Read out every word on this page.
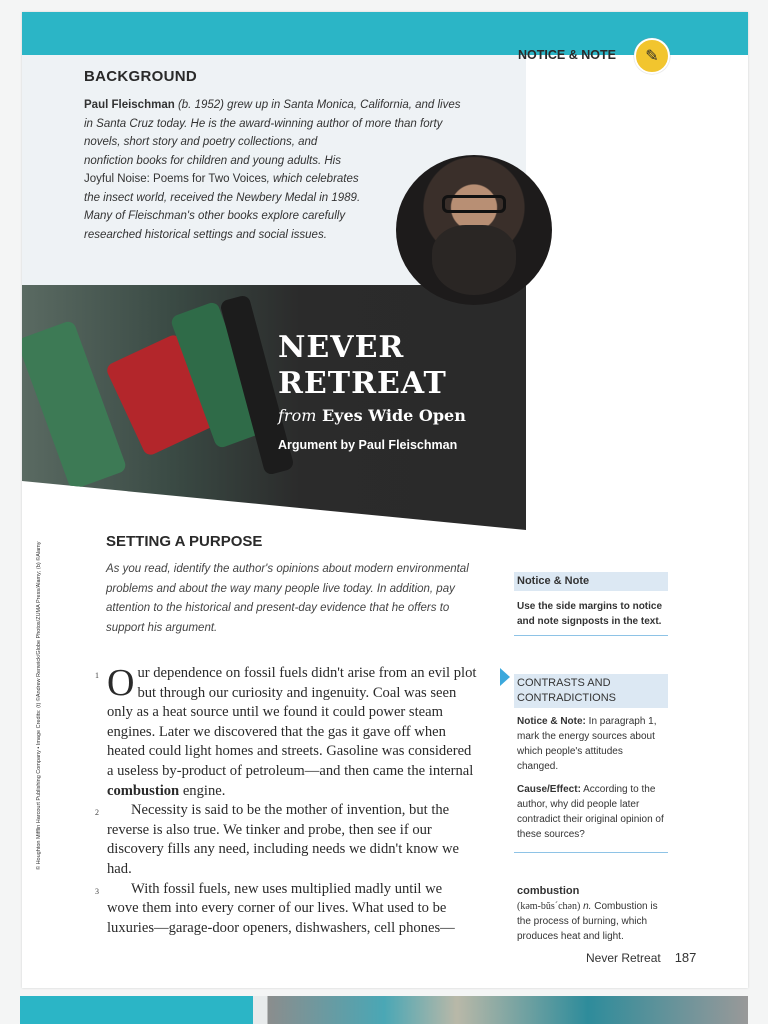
BACKGROUND
Paul Fleischman (b. 1952) grew up in Santa Monica, California, and lives in Santa Cruz today. He is the award-winning author of more than forty novels, short story and poetry collections, and nonfiction books for children and young adults. His Joyful Noise: Poems for Two Voices, which celebrates the insect world, received the Newbery Medal in 1989. Many of Fleischman's other books explore carefully researched historical settings and social issues.
NEVER
RETREAT
from Eyes Wide Open
Argument by Paul Fleischman
NOTICE & NOTE	✎
© Houghton Mifflin Harcourt Publishing Company • Image Credits: (t) ©Andrew Renwick/Globe Photos/ZUMA Press/Alamy; (b) ©Alamy	SETTING A PURPOSE
As you read, identify the author's opinions about modern environmental problems and about the way many people live today. In addition, pay attention to the historical and present-day evidence that he offers to support his argument.

1 O ur dependence on fossil fuels didn't arise from an evil plot but through our curiosity and ingenuity. Coal was seen only as a heat source until we found it could power steam engines. Later we discovered that the gas it gave off when heated could light homes and streets. Gasoline was considered a useless by-product of petroleum—and then came the internal combustion engine.

2 Necessity is said to be the mother of invention, but the reverse is also true. We tinker and probe, then see if our discovery fills any need, including needs we didn't know we had.

3 With fossil fuels, new uses multiplied madly until we wove them into every corner of our lives. What used to be luxuries—garage-door openers, dishwashers, cell phones—

Notice & Note
Use the side margins to notice and note signposts in the text.
CONTRASTS AND CONTRADICTIONS
Notice & Note: In paragraph 1, mark the energy sources about which people's attitudes changed.
Cause/Effect: According to the author, why did people later contradict their original opinion of these sources?
combustion
(kəm-bŭs´chən) n. Combustion is the process of burning, which produces heat and light.
Never Retreat 187
